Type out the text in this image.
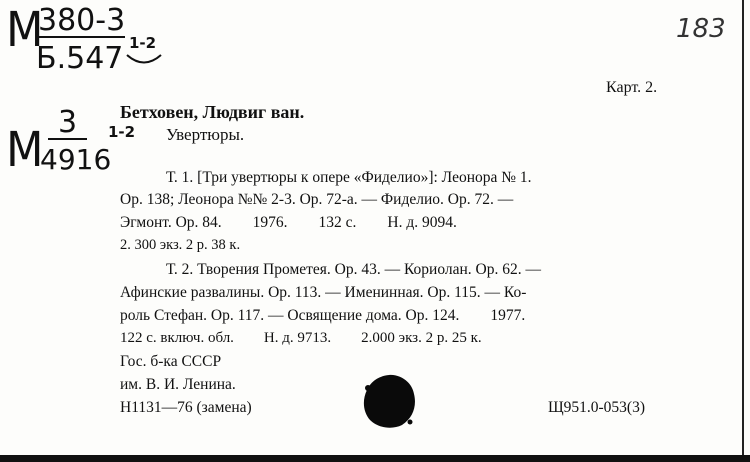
М
380-3
Б.547 1-2	183
Карт. 2.
М 3
4916
1-2
Бетховен, Людвиг ван.
Увертюры.
Т. 1. [Три увертюры к опере «Фиделио»]: Леонора № 1.
Ор. 138; Леонора №№ 2-3. Ор. 72-а. — Фиделио. Ор. 72. —
Эгмонт. Ор. 84.        1976.        132 с.        Н. д. 9094.
2. 300 экз. 2 р. 38 к.
Т. 2. Творения Прометея. Ор. 43. — Кориолан. Ор. 62. —
Афинские развалины. Ор. 113. — Именинная. Ор. 115. — Ко-
роль Стефан. Ор. 117. — Освящение дома. Ор. 124.        1977.
122 с. включ. обл.        Н. д. 9713.        2.000 экз. 2 р. 25 к.
Гос. б-ка СССР
им. В. И. Ленина.
Н1131—76 (замена)	Щ951.0-053(3)
